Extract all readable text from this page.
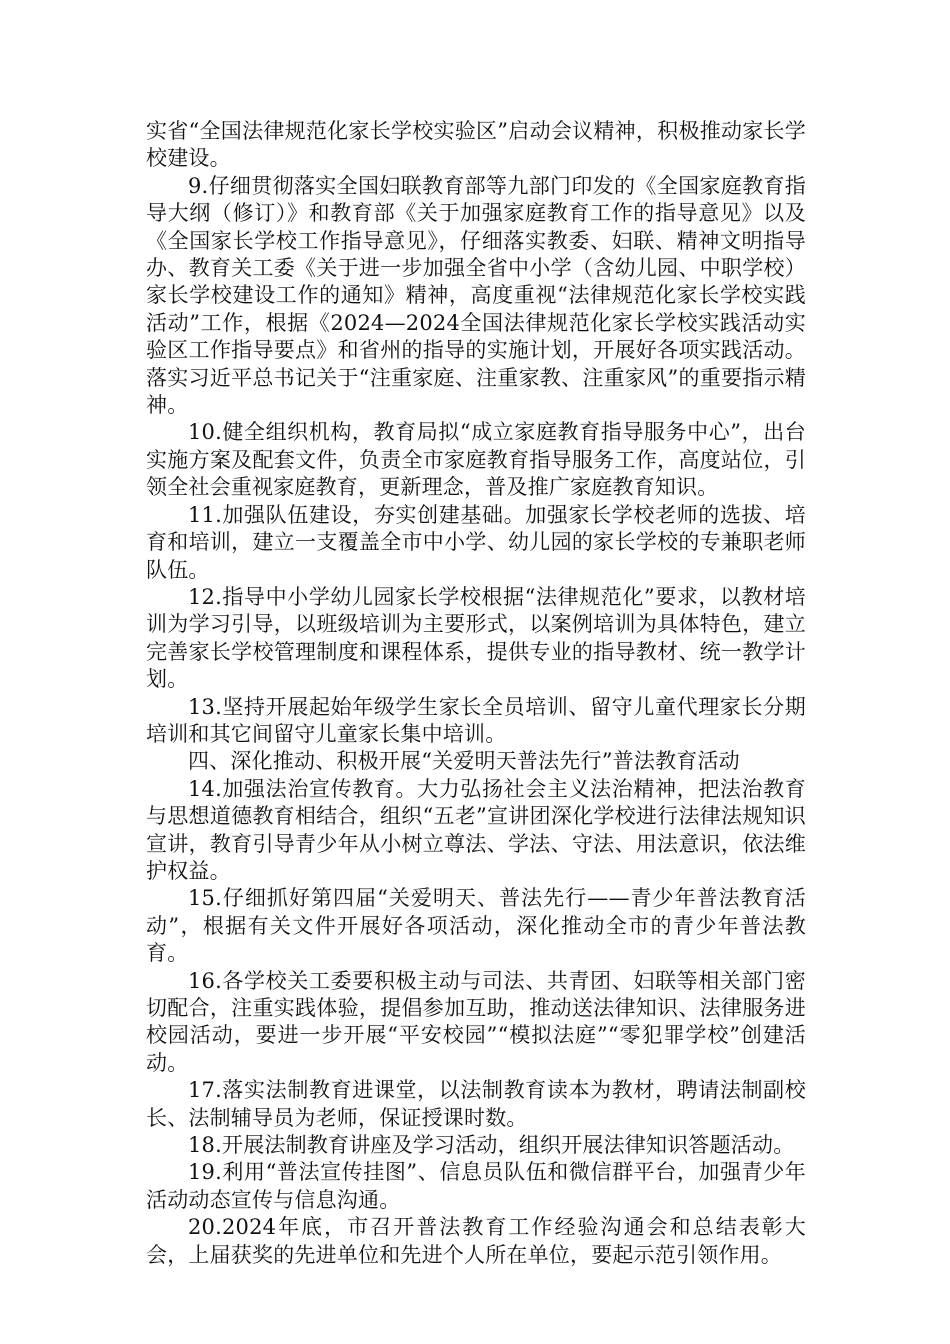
实省“全国法律规范化家长学校实验区”启动会议精神，积极推动家长学校建设。

9.仔细贯彻落实全国妇联教育部等九部门印发的《全国家庭教育指导大纲（修订）》和教育部《关于加强家庭教育工作的指导意见》以及《全国家长学校工作指导意见》，仔细落实教委、妇联、精神文明指导办、教育关工委《关于进一步加强全省中小学（含幼儿园、中职学校）家长学校建设工作的通知》精神，高度重视“法律规范化家长学校实践活动”工作，根据《2024—2024全国法律规范化家长学校实践活动实验区工作指导要点》和省州的指导的实施计划，开展好各项实践活动。落实习近平总书记关于“注重家庭、注重家教、注重家风”的重要指示精神。

10.健全组织机构，教育局拟“成立家庭教育指导服务中心”，出台实施方案及配套文件，负责全市家庭教育指导服务工作，高度站位，引领全社会重视家庭教育，更新理念，普及推广家庭教育知识。

11.加强队伍建设，夯实创建基础。加强家长学校老师的选拔、培育和培训，建立一支覆盖全市中小学、幼儿园的家长学校的专兼职老师队伍。

12.指导中小学幼儿园家长学校根据“法律规范化”要求，以教材培训为学习引导，以班级培训为主要形式，以案例培训为具体特色，建立完善家长学校管理制度和课程体系，提供专业的指导教材、统一教学计划。

13.坚持开展起始年级学生家长全员培训、留守儿童代理家长分期培训和其它间留守儿童家长集中培训。

四、深化推动、积极开展“关爱明天普法先行”普法教育活动

14.加强法治宣传教育。大力弘扬社会主义法治精神，把法治教育与思想道德教育相结合，组织“五老”宣讲团深化学校进行法律法规知识宣讲，教育引导青少年从小树立尊法、学法、守法、用法意识，依法维护权益。

15.仔细抓好第四届“关爱明天、普法先行——青少年普法教育活动”，根据有关文件开展好各项活动，深化推动全市的青少年普法教育。

16.各学校关工委要积极主动与司法、共青团、妇联等相关部门密切配合，注重实践体验，提倡参加互助，推动送法律知识、法律服务进校园活动，要进一步开展“平安校园”“模拟法庭”“零犯罪学校”创建活动。

17.落实法制教育进课堂，以法制教育读本为教材，聘请法制副校长、法制辅导员为老师，保证授课时数。

18.开展法制教育讲座及学习活动，组织开展法律知识答题活动。

19.利用“普法宣传挂图”、信息员队伍和微信群平台，加强青少年活动动态宣传与信息沟通。

20.2024年底，市召开普法教育工作经验沟通会和总结表彰大会，上届获奖的先进单位和先进个人所在单位，要起示范引领作用。
